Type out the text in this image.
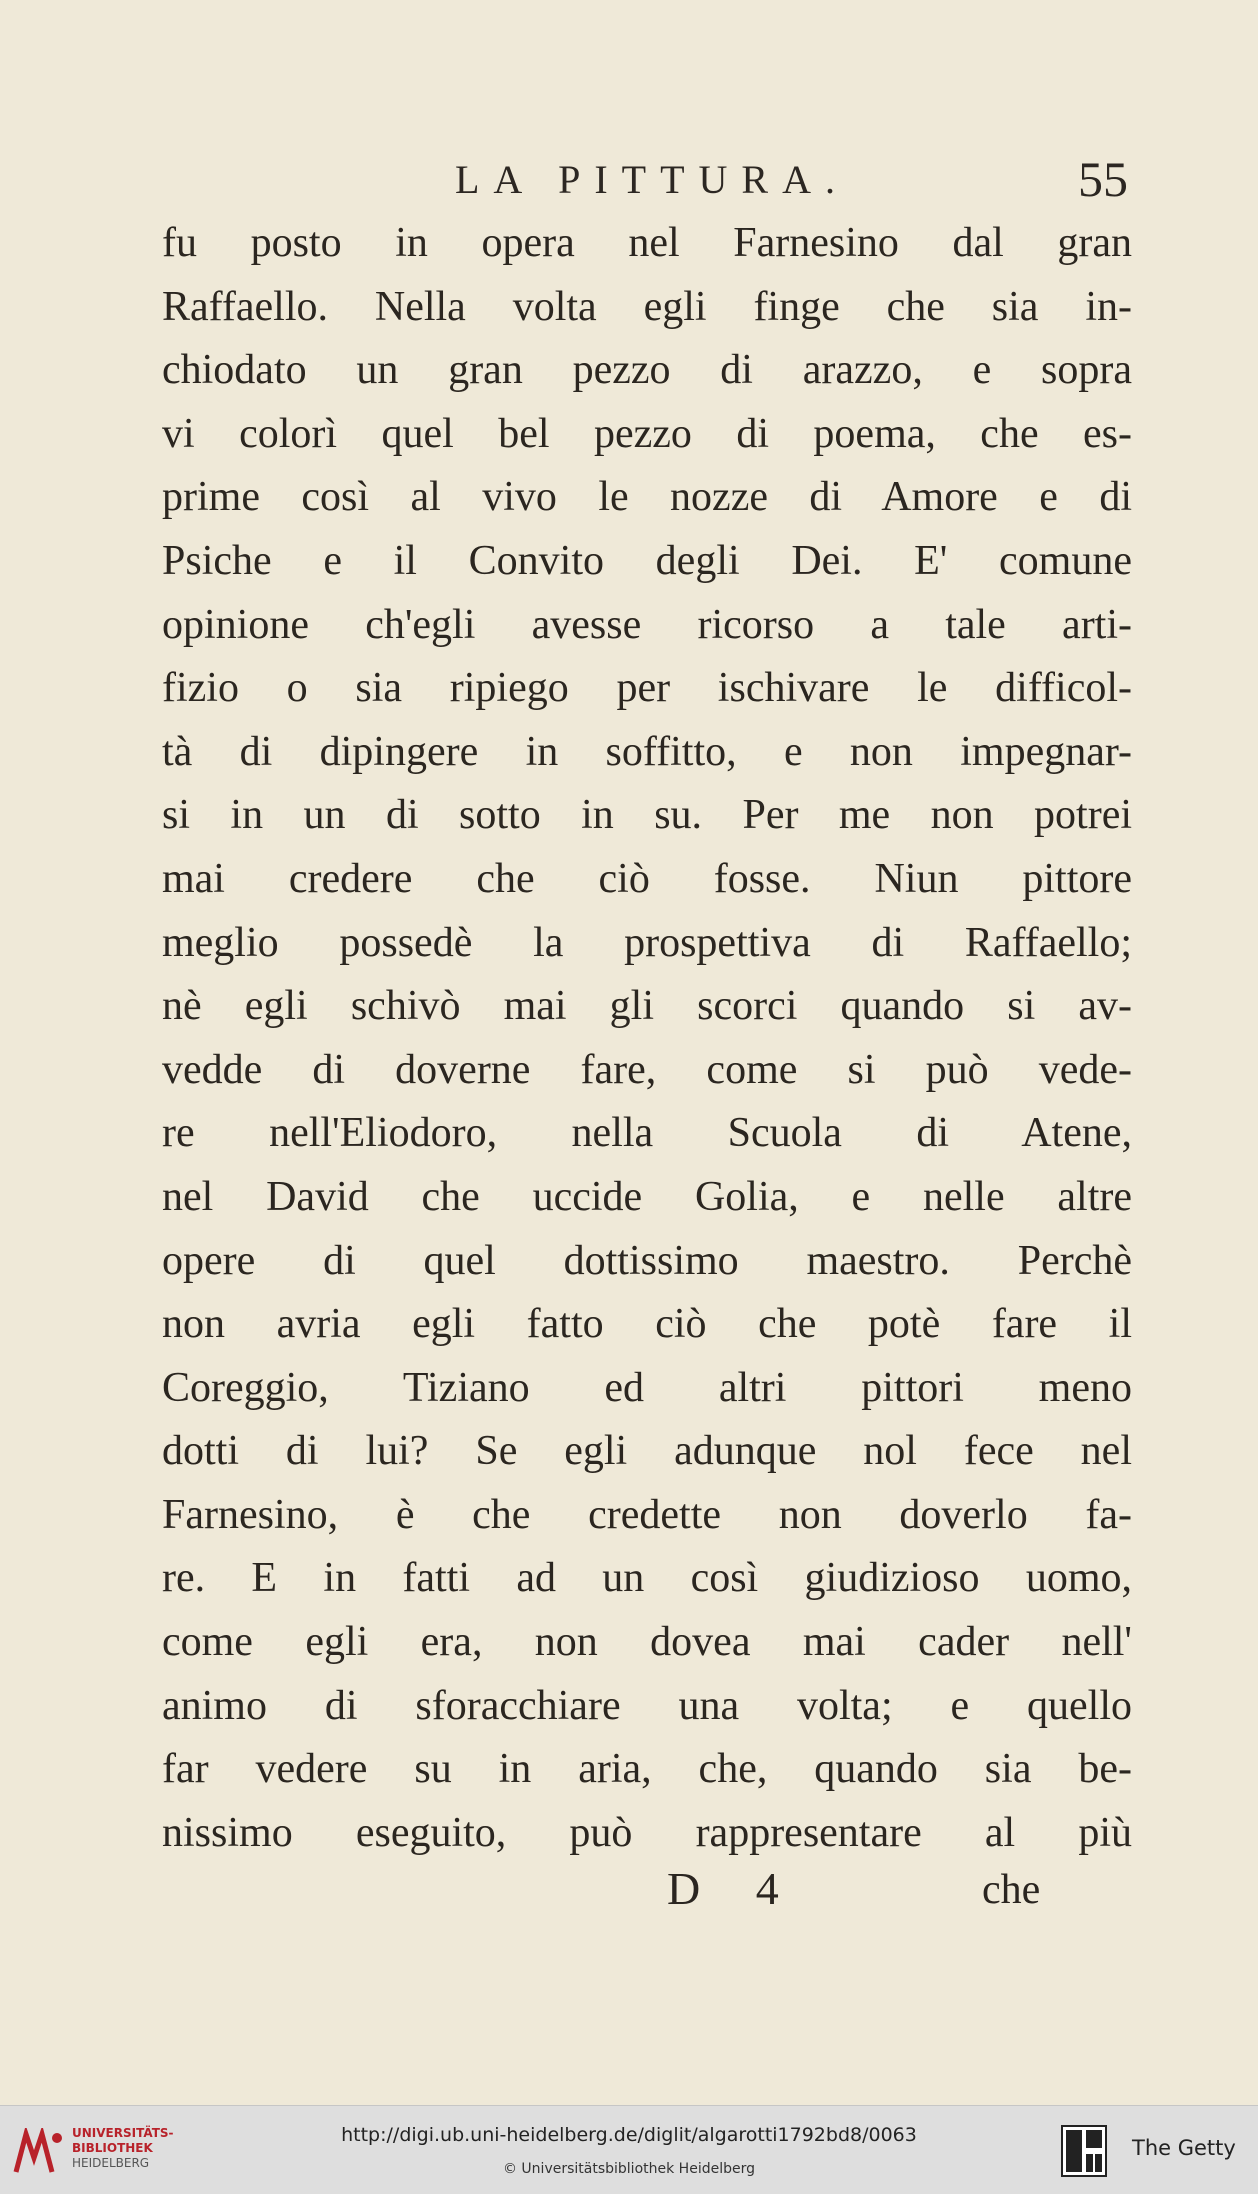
LA PITTURA.	55
fu posto in opera nel Farnesino dal gran
Raffaello. Nella volta egli finge che sia in-
chiodato un gran pezzo di arazzo, e sopra
vi colorì quel bel pezzo di poema, che es-
prime così al vivo le nozze di Amore e di
Psiche e il Convito degli Dei. E' comune
opinione ch'egli avesse ricorso a tale arti-
fizio o sia ripiego per ischivare le difficol-
tà di dipingere in soffitto, e non impegnar-
si in un di sotto in su. Per me non potrei
mai credere che ciò fosse. Niun pittore
meglio possedè la prospettiva di Raffaello;
nè egli schivò mai gli scorci quando si av-
vedde di doverne fare, come si può vede-
re nell'Eliodoro, nella Scuola di Atene,
nel David che uccide Golia, e nelle altre
opere di quel dottissimo maestro. Perchè
non avria egli fatto ciò che potè fare il
Coreggio, Tiziano ed altri pittori meno
dotti di lui? Se egli adunque nol fece nel
Farnesino, è che credette non doverlo fa-
re. E in fatti ad un così giudizioso uomo,
come egli era, non dovea mai cader nell'
animo di sforacchiare una volta; e quello
far vedere su in aria, che, quando sia be-
nissimo eseguito, può rappresentare al più
D 4	che
UNIVERSITÄTS-
BIBLIOTHEK
HEIDELBERG
http://digi.ub.uni-heidelberg.de/diglit/algarotti1792bd8/0063
© Universitätsbibliothek Heidelberg
The Getty
